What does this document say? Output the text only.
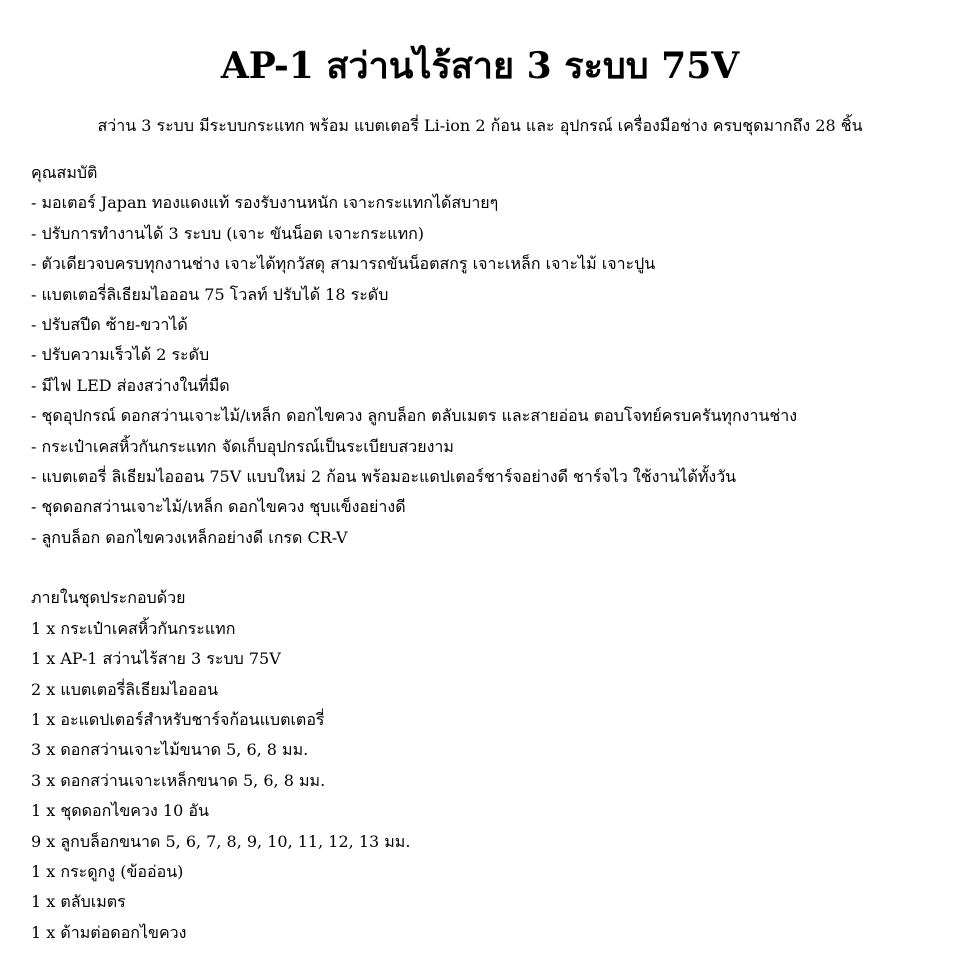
AP-1 สว่านไร้สาย 3 ระบบ 75V
สว่าน 3 ระบบ มีระบบกระแทก พร้อม แบตเตอรี่ Li-ion 2 ก้อน และ อุปกรณ์ เครื่องมือช่าง ครบชุดมากถึง 28 ชิ้น
คุณสมบัติ
- มอเตอร์ Japan ทองแดงแท้ รองรับงานหนัก เจาะกระแทกได้สบายๆ
- ปรับการทำงานได้ 3 ระบบ (เจาะ ขันน็อต เจาะกระแทก)
- ตัวเดียวจบครบทุกงานช่าง เจาะได้ทุกวัสดุ สามารถขันน็อตสกรู เจาะเหล็ก เจาะไม้ เจาะปูน
- แบตเตอรี่ลิเธียมไอออน 75 โวลท์ ปรับได้ 18 ระดับ
- ปรับสปีด ซ้าย-ขวาได้
- ปรับความเร็วได้ 2 ระดับ
- มีไฟ LED ส่องสว่างในที่มืด
- ชุดอุปกรณ์ ดอกสว่านเจาะไม้/เหล็ก ดอกไขควง ลูกบล็อก ตลับเมตร และสายอ่อน ตอบโจทย์ครบครันทุกงานช่าง
- กระเป๋าเคสหิ้วกันกระแทก จัดเก็บอุปกรณ์เป็นระเบียบสวยงาม
- แบตเตอรี่ ลิเธียมไอออน 75V แบบใหม่ 2 ก้อน พร้อมอะแดปเตอร์ชาร์จอย่างดี ชาร์จไว ใช้งานได้ทั้งวัน
- ชุดดอกสว่านเจาะไม้/เหล็ก ดอกไขควง ชุบแข็งอย่างดี
- ลูกบล็อก ดอกไขควงเหล็กอย่างดี เกรด CR-V
ภายในชุดประกอบด้วย
1 x กระเป๋าเคสหิ้วกันกระแทก
1 x AP-1 สว่านไร้สาย 3 ระบบ 75V
2 x แบตเตอรี่ลิเธียมไอออน
1 x อะแดปเตอร์สำหรับชาร์จก้อนแบตเตอรี่
3 x ดอกสว่านเจาะไม้ขนาด 5, 6, 8 มม.
3 x ดอกสว่านเจาะเหล็กขนาด 5, 6, 8 มม.
1 x ชุดดอกไขควง 10 อัน
9 x ลูกบล็อกขนาด 5, 6, 7, 8, 9, 10, 11, 12, 13 มม.
1 x กระดูกงู (ข้ออ่อน)
1 x ตลับเมตร
1 x ด้ามต่อดอกไขควง
